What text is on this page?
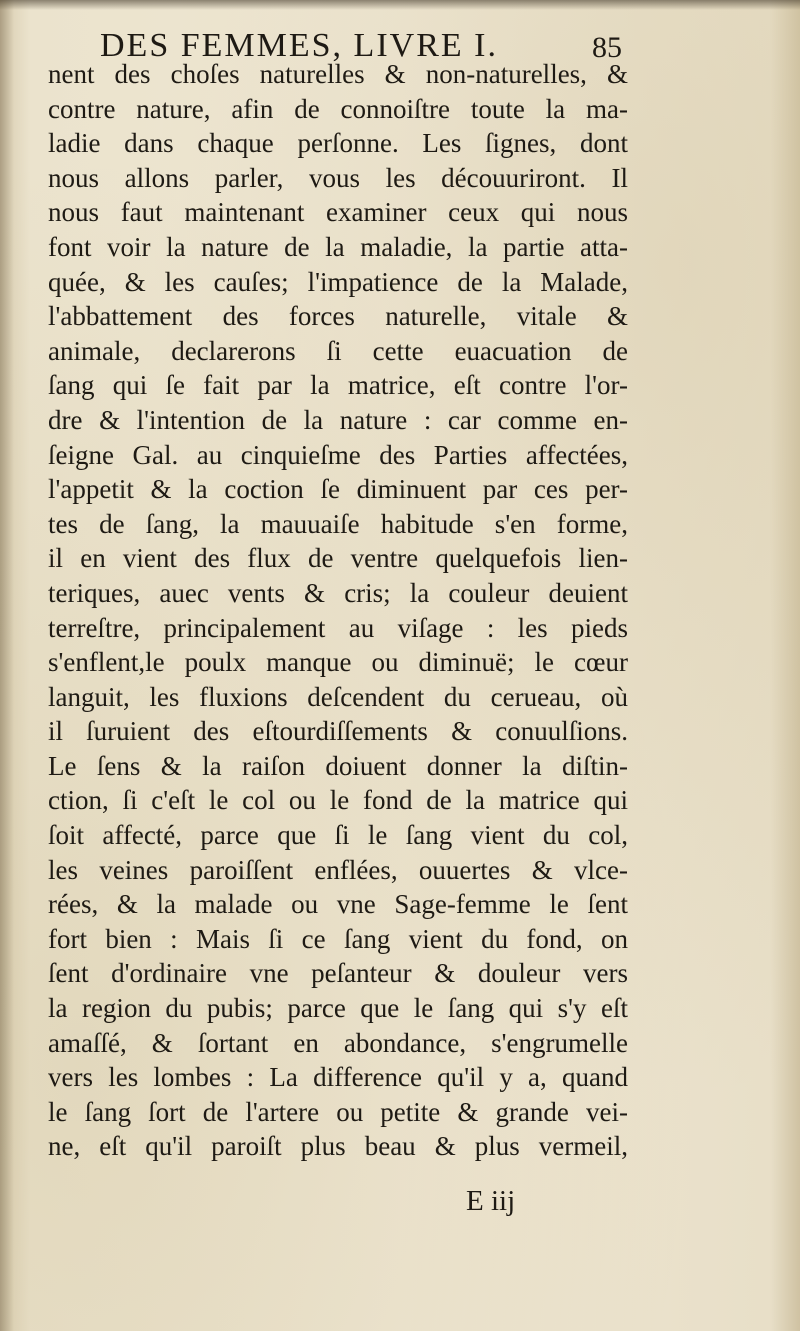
DES FEMMES, LIVRE I.	85
nent des choſes naturelles & non-naturelles, &
contre nature, afin de connoiſtre toute la ma-
ladie dans chaque perſonne. Les ſignes, dont
nous allons parler, vous les découuriront. Il
nous faut maintenant examiner ceux qui nous
font voir la nature de la maladie, la partie atta-
quée, & les cauſes; l'impatience de la Malade,
l'abbattement des forces naturelle, vitale &
animale, declarerons ſi cette euacuation de
ſang qui ſe fait par la matrice, eſt contre l'or-
dre & l'intention de la nature : car comme en-
ſeigne Gal. au cinquieſme des Parties affectées,
l'appetit & la coction ſe diminuent par ces per-
tes de ſang, la mauuaiſe habitude s'en forme,
il en vient des flux de ventre quelquefois lien-
teriques, auec vents & cris; la couleur deuient
terreſtre, principalement au viſage : les pieds
s'enflent,le poulx manque ou diminuë; le cœur
languit, les fluxions deſcendent du cerueau, où
il ſuruient des eſtourdiſſements & conuulſions.
Le ſens & la raiſon doiuent donner la diſtin-
ction, ſi c'eſt le col ou le fond de la matrice qui
ſoit affecté, parce que ſi le ſang vient du col,
les veines paroiſſent enflées, ouuertes & vlce-
rées, & la malade ou vne Sage-femme le ſent
fort bien : Mais ſi ce ſang vient du fond, on
ſent d'ordinaire vne peſanteur & douleur vers
la region du pubis; parce que le ſang qui s'y eſt
amaſſé, & ſortant en abondance, s'engrumelle
vers les lombes : La difference qu'il y a, quand
le ſang ſort de l'artere ou petite & grande vei-
ne, eſt qu'il paroiſt plus beau & plus vermeil,
E iij
